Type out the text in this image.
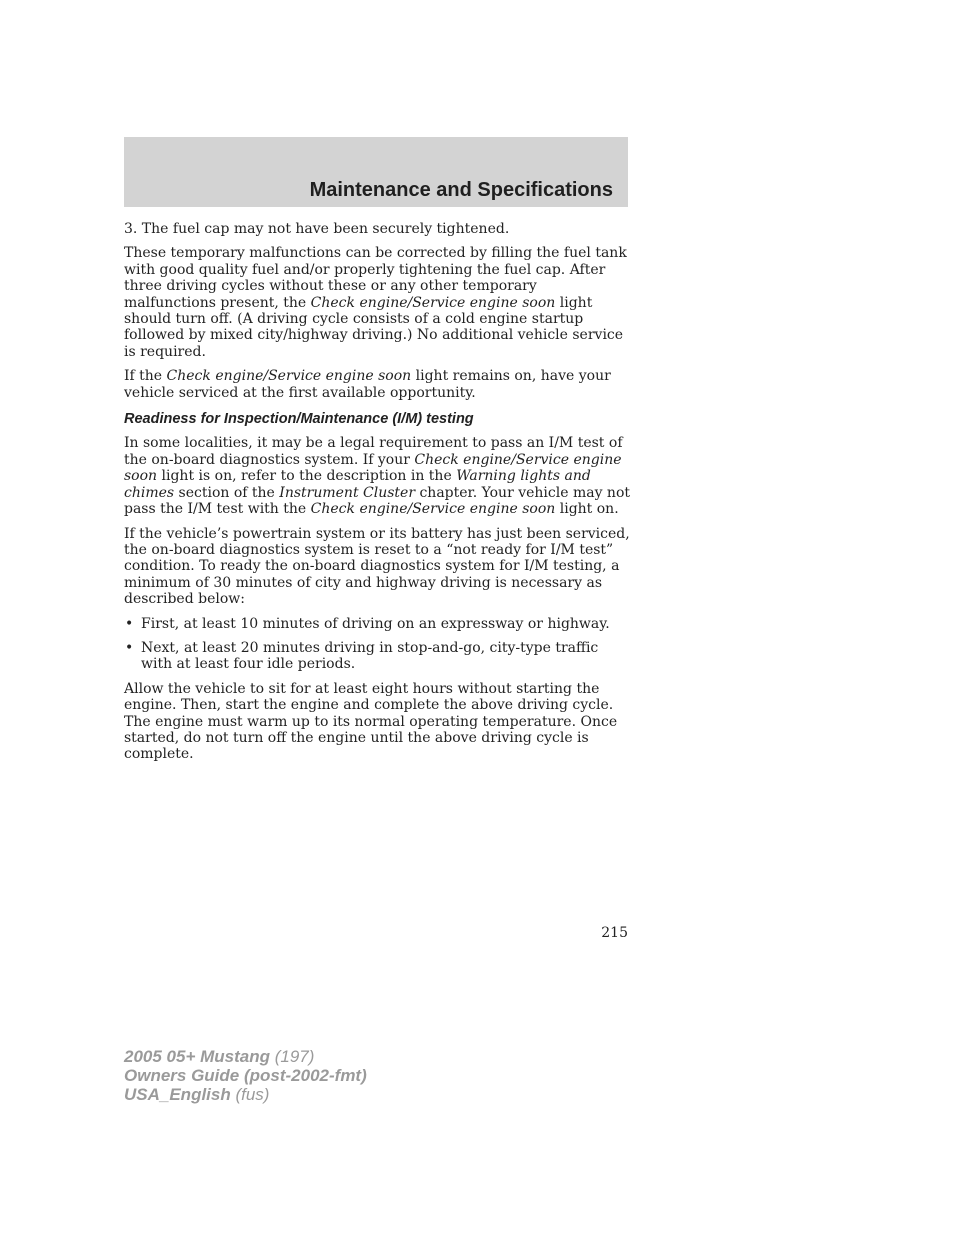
Maintenance and Specifications

3. The fuel cap may not have been securely tightened.

These temporary malfunctions can be corrected by filling the fuel tank with good quality fuel and/or properly tightening the fuel cap. After three driving cycles without these or any other temporary malfunctions present, the Check engine/Service engine soon light should turn off. (A driving cycle consists of a cold engine startup followed by mixed city/highway driving.) No additional vehicle service is required.

If the Check engine/Service engine soon light remains on, have your vehicle serviced at the first available opportunity.

Readiness for Inspection/Maintenance (I/M) testing

In some localities, it may be a legal requirement to pass an I/M test of the on-board diagnostics system. If your Check engine/Service engine soon light is on, refer to the description in the Warning lights and chimes section of the Instrument Cluster chapter. Your vehicle may not pass the I/M test with the Check engine/Service engine soon light on.

If the vehicle’s powertrain system or its battery has just been serviced, the on-board diagnostics system is reset to a “not ready for I/M test” condition. To ready the on-board diagnostics system for I/M testing, a minimum of 30 minutes of city and highway driving is necessary as described below:

• First, at least 10 minutes of driving on an expressway or highway.
• Next, at least 20 minutes driving in stop-and-go, city-type traffic with at least four idle periods.

Allow the vehicle to sit for at least eight hours without starting the engine. Then, start the engine and complete the above driving cycle. The engine must warm up to its normal operating temperature. Once started, do not turn off the engine until the above driving cycle is complete.

215
2005 05+ Mustang (197)
Owners Guide (post-2002-fmt)
USA_English (fus)
